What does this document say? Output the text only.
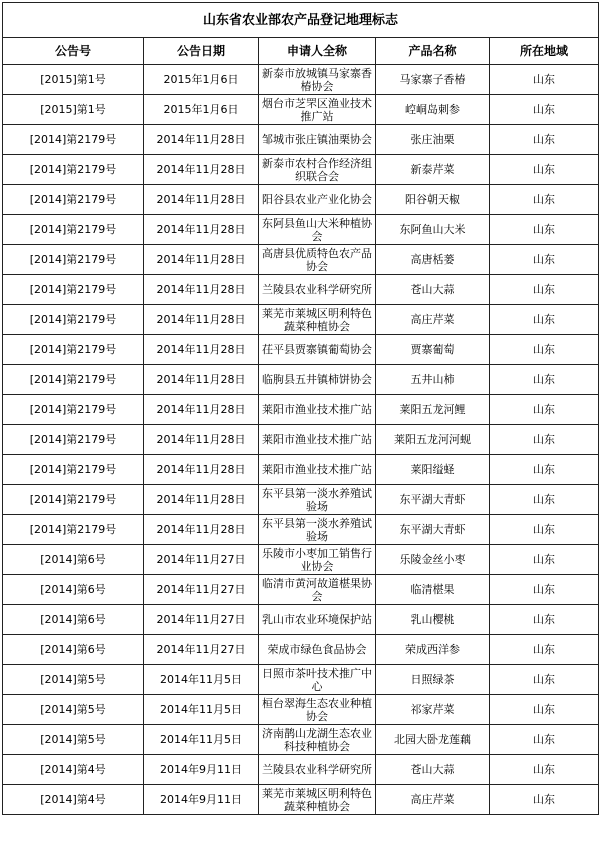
山东省农业部农产品登记地理标志				
公告号	公告日期	申请人全称	产品名称	所在地域
[2015]第1号	2015年1月6日	新泰市放城镇马家寨香椿协会	马家寨子香椿	山东
[2015]第1号	2015年1月6日	烟台市芝罘区渔业技术推广站	崆峒岛刺参	山东
[2014]第2179号	2014年11月28日	邹城市张庄镇油栗协会	张庄油栗	山东
[2014]第2179号	2014年11月28日	新泰市农村合作经济组织联合会	新泰芹菜	山东
[2014]第2179号	2014年11月28日	阳谷县农业产业化协会	阳谷朝天椒	山东
[2014]第2179号	2014年11月28日	东阿县鱼山大米种植协会	东阿鱼山大米	山东
[2014]第2179号	2014年11月28日	高唐县优质特色农产品协会	高唐栝蒌	山东
[2014]第2179号	2014年11月28日	兰陵县农业科学研究所	苍山大蒜	山东
[2014]第2179号	2014年11月28日	莱芜市莱城区明利特色蔬菜种植协会	高庄芹菜	山东
[2014]第2179号	2014年11月28日	茌平县贾寨镇葡萄协会	贾寨葡萄	山东
[2014]第2179号	2014年11月28日	临朐县五井镇柿饼协会	五井山柿	山东
[2014]第2179号	2014年11月28日	莱阳市渔业技术推广站	莱阳五龙河鲤	山东
[2014]第2179号	2014年11月28日	莱阳市渔业技术推广站	莱阳五龙河河蚬	山东
[2014]第2179号	2014年11月28日	莱阳市渔业技术推广站	莱阳缢蛏	山东
[2014]第2179号	2014年11月28日	东平县第一淡水养殖试验场	东平湖大青虾	山东
[2014]第2179号	2014年11月28日	东平县第一淡水养殖试验场	东平湖大青虾	山东
[2014]第6号	2014年11月27日	乐陵市小枣加工销售行业协会	乐陵金丝小枣	山东
[2014]第6号	2014年11月27日	临清市黄河故道椹果协会	临清椹果	山东
[2014]第6号	2014年11月27日	乳山市农业环境保护站	乳山樱桃	山东
[2014]第6号	2014年11月27日	荣成市绿色食品协会	荣成西洋参	山东
[2014]第5号	2014年11月5日	日照市茶叶技术推广中心	日照绿茶	山东
[2014]第5号	2014年11月5日	桓台翠海生态农业种植协会	祁家芹菜	山东
[2014]第5号	2014年11月5日	济南鹊山龙湖生态农业科技种植协会	北园大卧龙莲藕	山东
[2014]第4号	2014年9月11日	兰陵县农业科学研究所	苍山大蒜	山东
[2014]第4号	2014年9月11日	莱芜市莱城区明利特色蔬菜种植协会	高庄芹菜	山东
